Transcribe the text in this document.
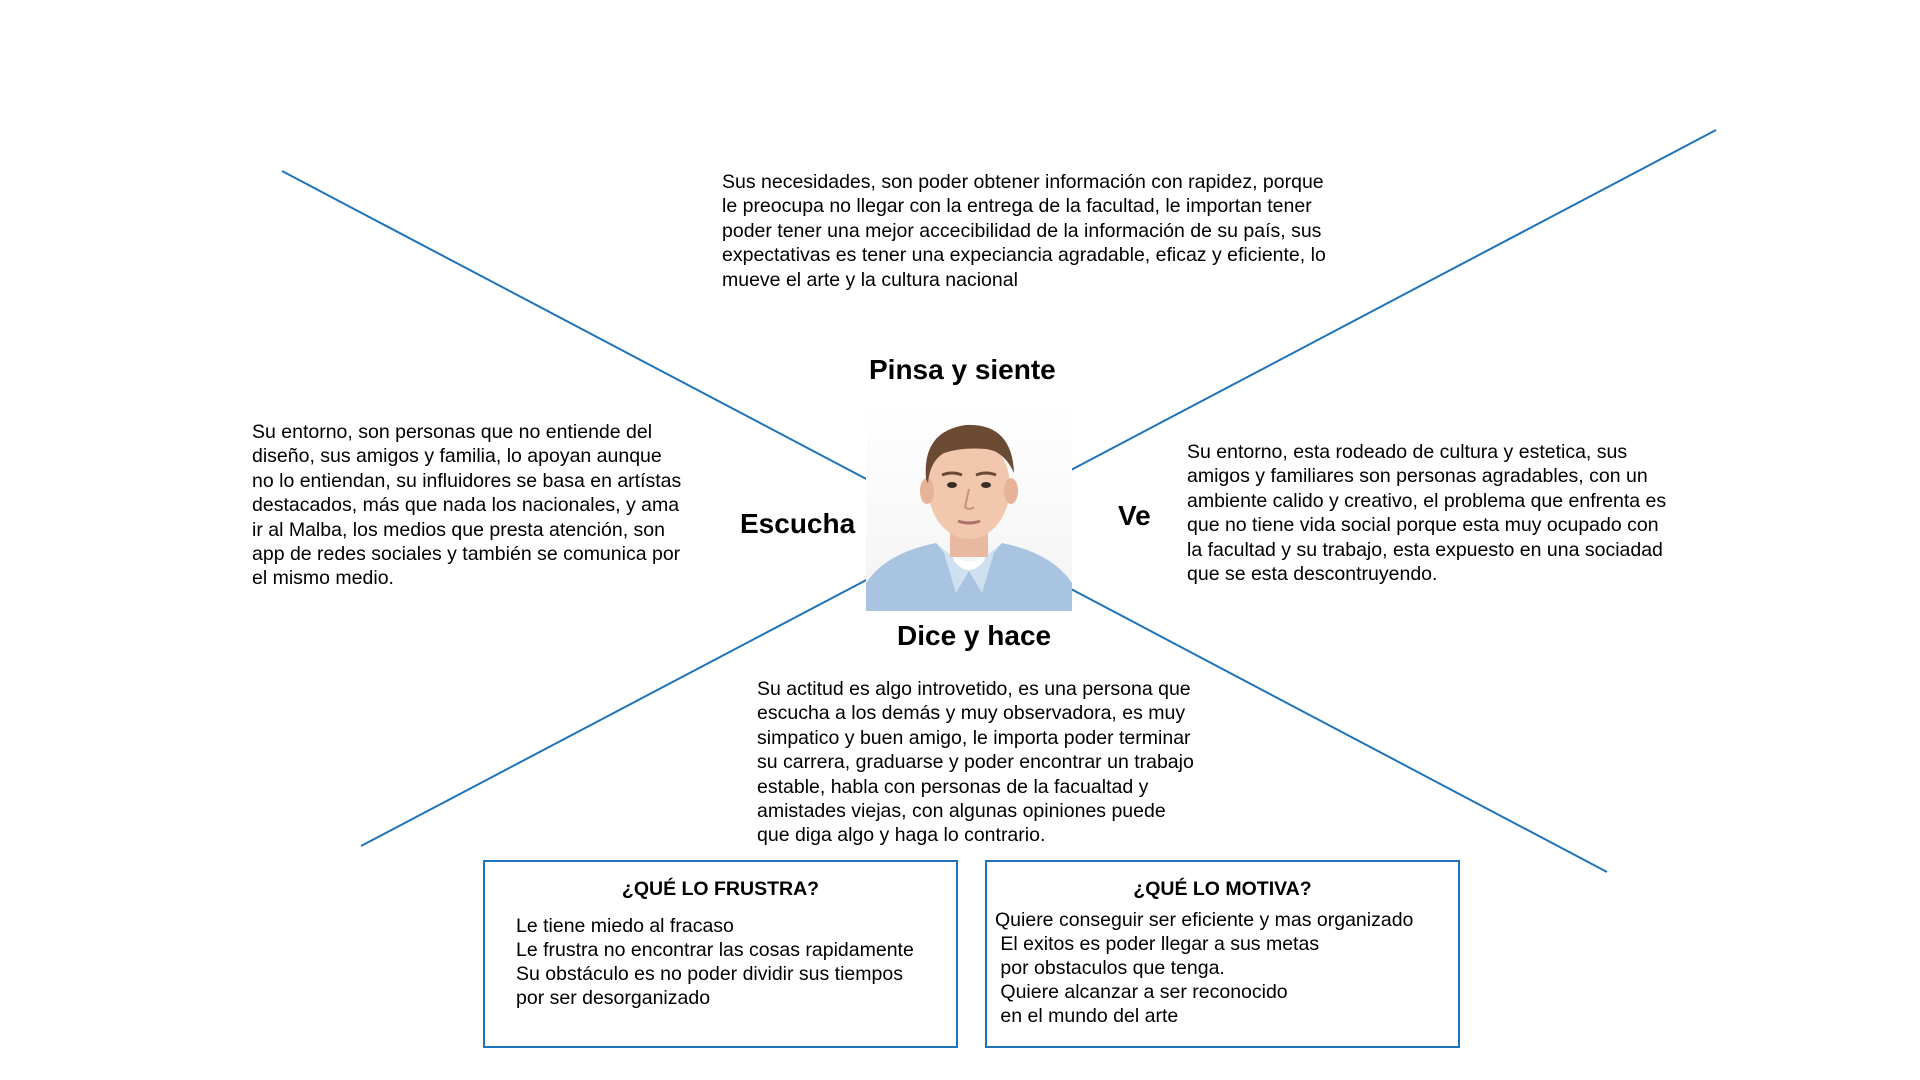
Sus necesidades, son poder obtener información con rapidez, porque
le preocupa no llegar con la entrega de la facultad, le importan tener
poder tener una mejor accecibilidad de la información de su país, sus
expectativas es tener una expeciancia agradable, eficaz y eficiente, lo
mueve el arte y la cultura nacional

Pinsa y siente

Su entorno, son personas que no entiende del
diseño, sus amigos y familia, lo apoyan aunque
no lo entiendan, su influidores se basa en artístas
destacados, más que nada los nacionales, y ama
ir al Malba, los medios que presta atención, son
app de redes sociales y también se comunica por
el mismo medio.

Escucha	Ve

Su entorno, esta rodeado de cultura y estetica, sus
amigos y familiares son personas agradables, con un
ambiente calido y creativo, el problema que enfrenta es
que no tiene vida social porque esta muy ocupado con
la facultad y su trabajo, esta expuesto en una sociadad
que se esta descontruyendo.

Dice y hace

Su actitud es algo introvetido, es una persona que
escucha a los demás y muy observadora, es muy
simpatico y buen amigo, le importa poder terminar
su carrera, graduarse y poder encontrar un trabajo
estable, habla con personas de la facualtad y
amistades viejas, con algunas opiniones puede
que diga algo y haga lo contrario.

¿QUÉ LO FRUSTRA?

Le tiene miedo al fracaso

Le frustra no encontrar las cosas rapidamente

Su obstáculo es no poder dividir sus tiempos

por ser desorganizado

¿QUÉ LO MOTIVA?

Quiere conseguir ser eficiente y mas organizado

El exitos es poder llegar a sus metas

por obstaculos que tenga.

Quiere alcanzar a ser reconocido

en el mundo del arte
